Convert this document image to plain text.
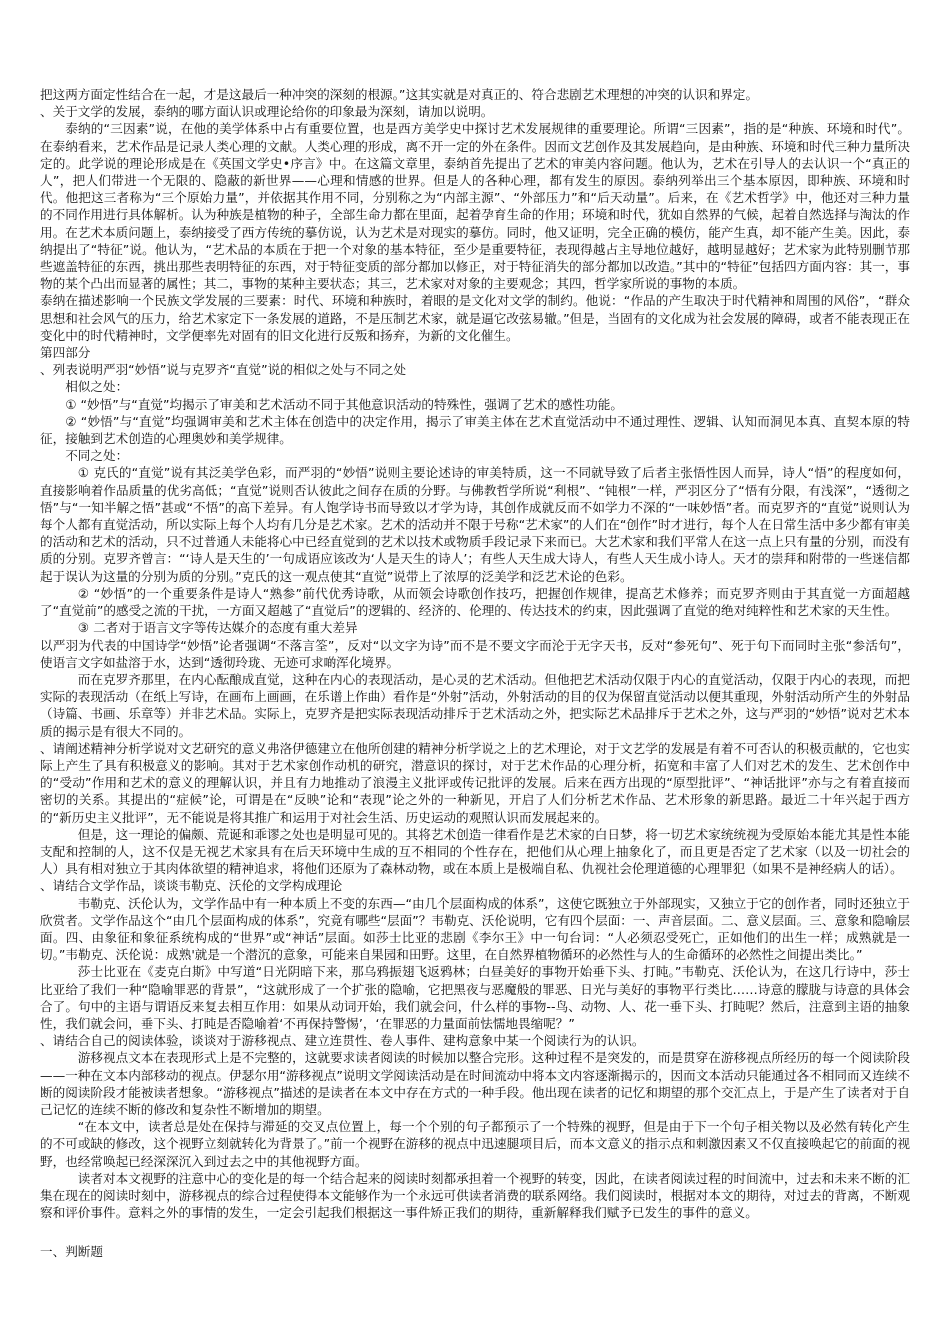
把这两方面定性结合在一起，才是这最后一种冲突的深刻的根源。”这其实就是对真正的、符合悲剧艺术理想的冲突的认识和界定。

、关于文学的发展，泰纳的哪方面认识或理论给你的印象最为深刻，请加以说明。

泰纳的“三因素”说，在他的美学体系中占有重要位置，也是西方美学史中探讨艺术发展规律的重要理论。所谓“三因素”，指的是“种族、环境和时代”。在泰纳看来，艺术作品是记录人类心理的文献。人类心理的形成，离不开一定的外在条件。因而文艺创作及其发展趋向，是由种族、环境和时代三种力量所决定的。此学说的理论形成是在《英国文学史•序言》中。在这篇文章里，泰纳首先提出了艺术的审美内容问题。他认为，艺术在引导人的去认识一个“真正的人”，把人们带进一个无限的、隐蔽的新世界——心理和情感的世界。但是人的各种心理，都有发生的原因。泰纳列举出三个基本原因，即种族、环境和时代。他把这三者称为“三个原始力量”，并依据其作用不同，分别称之为“内部主源”、“外部压力”和“后天动量”。后来，在《艺术哲学》中，他还对三种力量的不同作用进行具体解析。认为种族是植物的种子，全部生命力都在里面，起着孕育生命的作用；环境和时代，犹如自然界的气候，起着自然选择与淘汰的作用。在艺术本质问题上，泰纳接受了西方传统的摹仿说，认为艺术是对现实的摹仿。同时，他又证明，完全正确的模仿，能产生真，却不能产生美。因此，泰纳提出了“特征”说。他认为，“艺术品的本质在于把一个对象的基本特征，至少是重要特征，表现得越占主导地位越好，越明显越好；艺术家为此特别删节那些遮盖特征的东西，挑出那些表明特征的东西，对于特征变质的部分都加以修正，对于特征消失的部分都加以改造。”其中的“特征”包括四方面内容：其一，事物的某个凸出而显著的属性；其二，事物的某种主要状态；其三，艺术家对对象的主要观念；其四，哲学家所说的事物的本质。

泰纳在描述影响一个民族文学发展的三要素：时代、环境和种族时，着眼的是文化对文学的制约。他说：“作品的产生取决于时代精神和周围的风俗”，“群众思想和社会风气的压力，给艺术家定下一条发展的道路，不是压制艺术家，就是逼它改弦易辙。”但是，当固有的文化成为社会发展的障碍，或者不能表现正在变化中的时代精神时，文学便率先对固有的旧文化进行反叛和扬弃，为新的文化催生。

第四部分

、列表说明严羽“妙悟”说与克罗齐“直觉”说的相似之处与不同之处

相似之处：

① “妙悟”与“直觉”均揭示了审美和艺术活动不同于其他意识活动的特殊性，强调了艺术的感性功能。

② “妙悟”与“直觉”均强调审美和艺术主体在创造中的决定作用，揭示了审美主体在艺术直觉活动中不通过理性、逻辑、认知而洞见本真、直契本原的特征，接触到艺术创造的心理奥妙和美学规律。

不同之处：

① 克氏的“直觉”说有其泛美学色彩，而严羽的“妙悟”说则主要论述诗的审美特质，这一不同就导致了后者主张悟性因人而异，诗人“悟”的程度如何，直接影响着作品质量的优劣高低；“直觉”说则否认彼此之间存在质的分野。与佛教哲学所说“利根”、“钝根”一样，严羽区分了“悟有分限，有浅深”，“透彻之悟”与“一知半解之悟”甚或“不悟”的高下差异。有人饱学诗书而导致以才学为诗，其创作成就反而不如学力不深的“一味妙悟”者。而克罗齐的“直觉”说则认为每个人都有直觉活动，所以实际上每个人均有几分是艺术家。艺术的活动并不限于号称“艺术家”的人们在“创作”时才进行，每个人在日常生活中多少都有审美的活动和艺术的活动，只不过普通人未能将心中已经直觉到的艺术以技术或物质手段记录下来而已。大艺术家和我们平常人在这一点上只有量的分别，而没有质的分别。克罗齐曾言：“‘诗人是天生的’一句成语应该改为‘人是天生的诗人’；有些人天生成大诗人，有些人天生成小诗人。天才的崇拜和附带的一些迷信都起于误认为这量的分别为质的分别。”克氏的这一观点使其“直觉”说带上了浓厚的泛美学和泛艺术论的色彩。

② “妙悟”的一个重要条件是诗人“熟参”前代优秀诗歌，从而领会诗歌创作技巧，把握创作规律，提高艺术修养；而克罗齐则由于其直觉一方面超越了“直觉前”的感受之流的干扰，一方面又超越了“直觉后”的逻辑的、经济的、伦理的、传达技术的约束，因此强调了直觉的绝对纯粹性和艺术家的天生性。

③ 二者对于语言文字等传达媒介的态度有重大差异

以严羽为代表的中国诗学“妙悟”论者强调“不落言筌”，反对“以文字为诗”而不是不要文字而沦于无字天书，反对“参死句”、死于句下而同时主张“参活句”，使语言文字如盐溶于水，达到“透彻玲珑、无迹可求啲浑化境界。

而在克罗齐那里，在内心酝酿成直觉，这种在内心的表现活动，是心灵的艺术活动。但他把艺术活动仅限于内心的直觉活动，仅限于内心的表现，而把实际的表现活动（在纸上写诗，在画布上画画，在乐谱上作曲）看作是“外射”活动，外射活动的目的仅为保留直觉活动以便其重现，外射活动所产生的外射品（诗篇、书画、乐章等）并非艺术品。实际上，克罗齐是把实际表现活动排斥于艺术活动之外，把实际艺术品排斥于艺术之外，这与严羽的“妙悟”说对艺术本质的揭示是有很大不同的。

、请阐述精神分析学说对文艺研究的意义弗洛伊德建立在他所创建的精神分析学说之上的艺术理论，对于文艺学的发展是有着不可否认的积极贡献的，它也实际上产生了具有积极意义的影响。其对于艺术家创作动机的研究，潜意识的探讨，对于艺术作品的心理分析，拓宽和丰富了人们对艺术的发生、艺术创作中的“受动”作用和艺术的意义的理解认识，并且有力地推动了浪漫主义批评或传记批评的发展。后来在西方出现的“原型批评”、“神话批评”亦与之有着直接而密切的关系。其提出的“症候”论，可谓是在“反映”论和“表现”论之外的一种新见，开启了人们分析艺术作品、艺术形象的新思路。最近二十年兴起于西方的“新历史主义批评”，无不能说是将其推广和运用于对社会生活、历史运动的观照认识而发展起来的。

但是，这一理论的偏颇、荒诞和乖谬之处也是明显可见的。其将艺术创造一律看作是艺术家的白日梦，将一切艺术家统统视为受原始本能尤其是性本能支配和控制的人，这不仅是无视艺术家具有在后天环境中生成的互不相同的个性存在，把他们从心理上抽象化了，而且更是否定了艺术家（以及一切社会的人）具有相对独立于其肉体欲望的精神追求，将他们还原为了森林动物，或在本质上是极端自私、仇视社会伦理道德的心理罪犯（如果不是神经病人的话）。

、请结合文学作品，谈谈韦勒克、沃伦的文学构成理论

韦勒克、沃伦认为，文学作品中有一种本质上不变的东西—“由几个层面构成的体系”，这使它既独立于外部现实，又独立于它的创作者，同时还独立于欣赏者。文学作品这个“由几个层面构成的体系”，究竟有哪些“层面”？韦勒克、沃伦说明，它有四个层面：一、声音层面。二、意义层面。三、意象和隐喻层面。四、由象征和象征系统构成的“世界”或“神话”层面。如莎士比亚的悲剧《李尔王》中一句台词：“人必须忍受死亡，正如他们的出生一样；成熟就是一切。”韦勒克、沃伦说：成熟'就是一个潜沉的意象，可能来自果园和田野。这里，在自然界植物循环的必然性与人的生命循环的必然性之间提出类比。”

莎士比亚在《麦克白斯》中写道“日光阴暗下来，那乌鸦振翅飞返鸦林；白昼美好的事物开始垂下头、打盹。”韦勒克、沃伦认为，在这几行诗中，莎士比亚给了我们一种“隐喻罪恶的背景”，“这就形成了一个扩张的隐喻，它把黑夜与恶魔般的罪恶、日光与美好的事物平行类比……诗意的朦胧与诗意的具体会合了。句中的主语与谓语反来复去相互作用：如果从动词开始，我们就会问，什么样的事物--鸟、动物、人、花一垂下头、打盹呢？然后，注意到主语的抽象性，我们就会问，垂下头、打盹是否隐喻着‘不再保持警惕’，‘在罪恶的力量面前怯懦地畏缩呢？”

、请结合自己的阅读体验，谈谈对于游移视点、建立连贯性、卷人事件、建构意象中某一个阅读行为的认识。

游移视点文本在表现形式上是不完整的，这就要求读者阅读的时候加以整合完形。这种过程不是突发的，而是贯穿在游移视点所经历的每一个阅读阶段——一种在文本内部移动的视点。伊瑟尔用“游移视点”说明文学阅读活动是在时间流动中将本文内容逐渐揭示的，因而文本活动只能通过各不相同而又连续不断的阅读阶段才能被读者想象。“游移视点”描述的是读者在本文中存在方式的一种手段。他出现在读者的记忆和期望的那个交汇点上，于是产生了读者对于自己记忆的连续不断的修改和复杂性不断增加的期望。

“在本文中，读者总是处在保持与滞延的交叉点位置上，每一个个别的句子都预示了一个特殊的视野，但是由于下一个句子相关物以及必然有转化产生的不可或缺的修改，这个视野立刻就转化为背景了。”前一个视野在游移的视点中迅速腿项目后，而本文意义的指示点和刺激因素又不仅直接唤起它的前面的视野，也经常唤起已经深深沉入到过去之中的其他视野方面。

读者对本文视野的注意中心的变化是的每一个结合起来的阅读时刻都承担着一个视野的转变，因此，在读者阅读过程的时间流中，过去和未来不断的汇集在现在的阅读时刻中，游移视点的综合过程使得本文能够作为一个永远可供读者消费的联系网络。我们阅读时，根据对本文的期待，对过去的背离，不断观察和评价事件。意料之外的事情的发生，一定会引起我们根据这一事件矫正我们的期待，重新解释我们赋予已发生的事件的意义。

一、判断题
